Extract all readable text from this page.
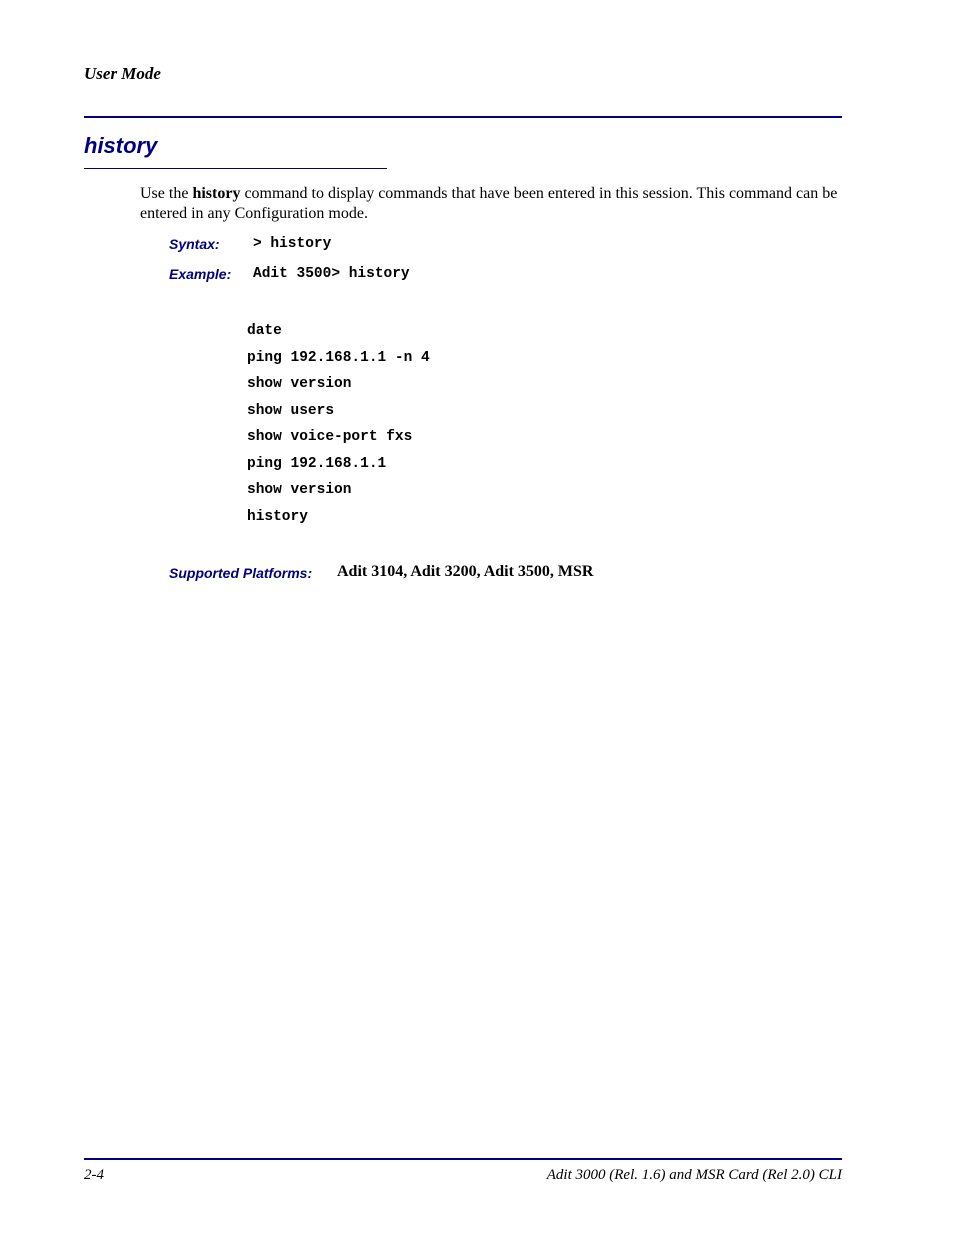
User Mode
history

Use the history command to display commands that have been entered in this session. This command can be entered in any Configuration mode.

Syntax: > history
Example: Adit 3500> history
date
ping 192.168.1.1 -n 4
show version
show users
show voice-port fxs
ping 192.168.1.1
show version
history
Supported Platforms: Adit 3104, Adit 3200, Adit 3500, MSR
2-4	Adit 3000 (Rel. 1.6) and MSR Card (Rel 2.0) CLI
